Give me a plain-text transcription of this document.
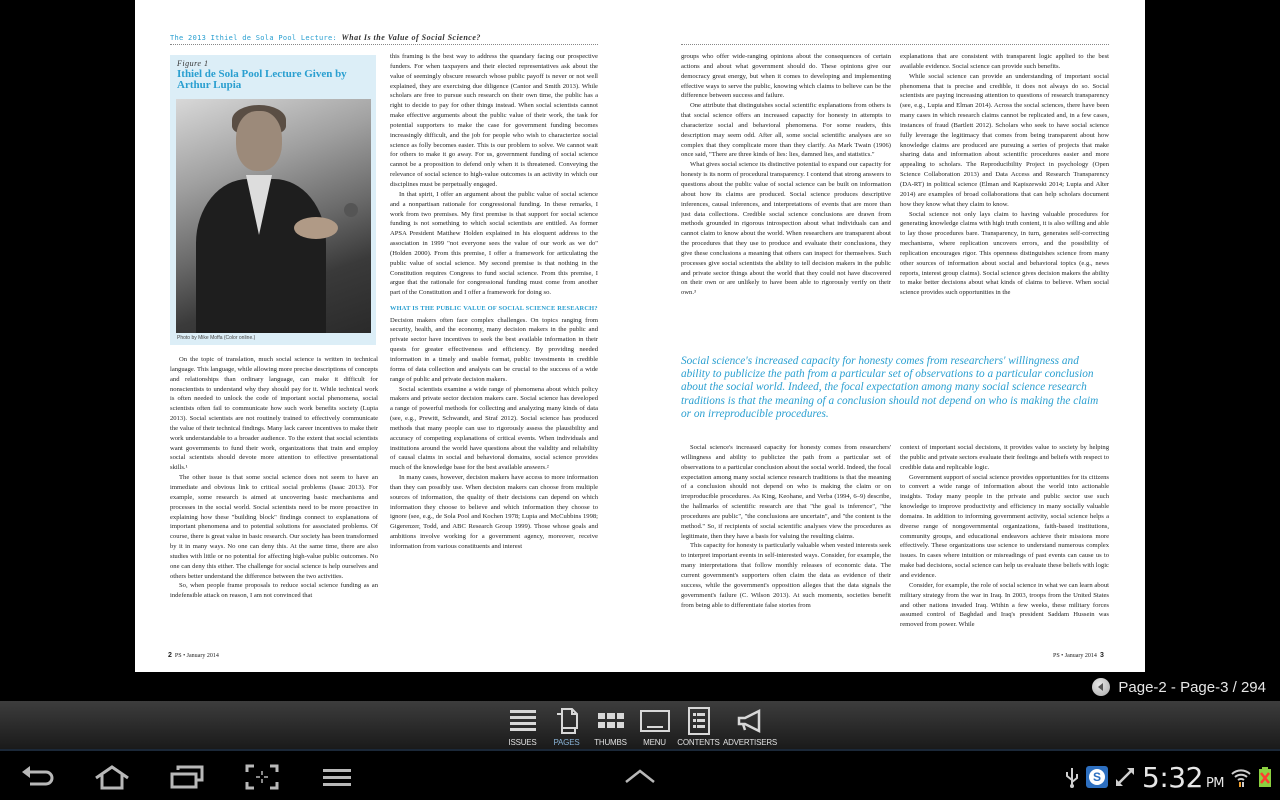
The 2013 Ithiel de Sola Pool Lecture: What Is the Value of Social Science?
Figure 1
Ithiel de Sola Pool Lecture Given by Arthur Lupia
Photo by Mike Moffa (Color online.)

On the topic of translation, much social science is written in technical language. This language, while allowing more precise descriptions of concepts and relationships than ordinary language, can make it difficult for nonscientists to understand why they should pay for it. While technical work is often needed to unlock the code of important social phenomena, social scientists often fail to communicate how such work benefits society (Lupia 2013). Social scientists are not routinely trained to effectively communicate the value of their technical findings. Many lack career incentives to make their work understandable to a broader audience. To the extent that social scientists want governments to fund their work, organizations that train and employ social scientists should devote more attention to effective presentational skills.¹

The other issue is that some social science does not seem to have an immediate and obvious link to critical social problems (Isaac 2013). For example, some research is aimed at uncovering basic mechanisms and processes in the social world. Social scientists need to be more proactive in explaining how these "building block" findings connect to explanations of important phenomena and to potential solutions for associated problems. Of course, there is great value in basic research. Our society has been transformed by it in many ways. No one can deny this. At the same time, there are also studies with little or no potential for affecting high-value public outcomes. No one can deny this either. The challenge for social science is help ourselves and others better understand the difference between the two activities.

So, when people frame proposals to reduce social science funding as an indefensible attack on reason, I am not convinced that

this framing is the best way to address the quandary facing our prospective funders. For when taxpayers and their elected representatives ask about the value of seemingly obscure research whose public payoff is never or not well explained, they are exercising due diligence (Cantor and Smith 2013). While scholars are free to pursue such research on their own time, the public has a right to decide to pay for other things instead. When social scientists cannot make effective arguments about the public value of their work, the task for potential supporters to make the case for government funding becomes increasingly difficult, and the job for people who wish to characterize social science as folly becomes easier. This is our problem to solve. We cannot wait for others to make it go away. For us, government funding of social science cannot be a proposition to defend only when it is threatened. Conveying the relevance of social science to high-value outcomes is an activity in which our disciplines must be perpetually engaged.

In that spirit, I offer an argument about the public value of social science and a nonpartisan rationale for congressional funding. In these remarks, I work from two premises. My first premise is that support for social science funding is not something to which social scientists are entitled. As former APSA President Matthew Holden explained in his eloquent address to the association in 1999 "not everyone sees the value of our work as we do" (Holden 2000). From this premise, I offer a framework for articulating the public value of social science. My second premise is that nothing in the Constitution requires Congress to fund social science. From this premise, I argue that the rationale for congressional funding must come from another part of the Constitution and I offer a framework for doing so.

WHAT IS THE PUBLIC VALUE OF SOCIAL SCIENCE RESEARCH?

Decision makers often face complex challenges. On topics ranging from security, health, and the economy, many decision makers in the public and private sector have incentives to seek the best available information in their quests for greater effectiveness and efficiency. By providing needed information in a timely and usable format, public investments in credible forms of data collection and analysis can be crucial to the success of a wide range of public and private decision makers.

Social scientists examine a wide range of phenomena about which policy makers and private sector decision makers care. Social science has developed a range of powerful methods for collecting and analyzing many kinds of data (see, e.g., Prewitt, Schwandt, and Straf 2012). Social science has produced methods that many people can use to rigorously assess the plausibility and accuracy of competing explanations of critical events. When individuals and institutions around the world have questions about the validity and reliability of causal claims in social and behavioral domains, social science provides much of the knowledge base for the best available answers.²

In many cases, however, decision makers have access to more information than they can possibly use. When decision makers can choose from multiple sources of information, the quality of their decisions can depend on which information they choose to believe and which information they choose to ignore (see, e.g., de Sola Pool and Kochen 1978; Lupia and McCubbins 1998; Gigerenzer, Todd, and ABC Research Group 1999). Those whose goals and ambitions involve working for a government agency, moreover, receive information from various constituents and interest

2 PS • January 2014

groups who offer wide-ranging opinions about the consequences of certain actions and about what government should do. These opinions give our democracy great energy, but when it comes to developing and implementing effective ways to serve the public, knowing which claims to believe can be the difference between success and failure.

One attribute that distinguishes social scientific explanations from others is that social science offers an increased capacity for honesty in attempts to characterize social and behavioral phenomena. For some readers, this description may seem odd. After all, some social scientific analyses are so complex that they complicate more than they clarify. As Mark Twain (1906) once said, "There are three kinds of lies: lies, damned lies, and statistics."

What gives social science its distinctive potential to expand our capacity for honesty is its norm of procedural transparency. I contend that strong answers to questions about the public value of social science can be built on information about how its claims are produced. Social science produces descriptive inferences, causal inferences, and interpretations of events that are more than just data collections. Credible social science conclusions are drawn from methods grounded in rigorous introspection about what individuals can and cannot claim to know about the world. When researchers are transparent about the procedures that they use to produce and evaluate their conclusions, they give these conclusions a meaning that others can inspect for themselves. Such processes give social scientists the ability to tell decision makers in the public and private sector things about the world that they could not have discovered on their own or are unlikely to have been able to rigorously verify on their own.³

explanations that are consistent with transparent logic applied to the best available evidence. Social science can provide such benefits.

While social science can provide an understanding of important social phenomena that is precise and credible, it does not always do so. Social scientists are paying increasing attention to questions of research transparency (see, e.g., Lupia and Elman 2014). Across the social sciences, there have been many cases in which research claims cannot be replicated and, in a few cases, instances of fraud (Bartlett 2012). Scholars who seek to have social science fully leverage the legitimacy that comes from being transparent about how knowledge claims are produced are pursuing a series of projects that make sharing data and information about scientific procedures easier and more appealing to scholars. The Reproducibility Project in psychology (Open Science Collaboration 2013) and Data Access and Research Transparency (DA-RT) in political science (Elman and Kapiszewski 2014; Lupia and Alter 2014) are examples of broad collaborations that can help scholars document how they know what they claim to know.

Social science not only lays claim to having valuable procedures for generating knowledge claims with high truth content, it is also willing and able to lay those procedures bare. Transparency, in turn, generates self-correcting mechanisms, where replication uncovers errors, and the possibility of replication encourages rigor. This openness distinguishes science from many other sources of information about social and behavioral topics (e.g., news reports, interest group claims). Social science gives decision makers the ability to make better decisions about what kinds of claims to believe. When social science provides such opportunities in the

Social science's increased capacity for honesty comes from researchers' willingness and ability to publicize the path from a particular set of observations to a particular conclusion about the social world. Indeed, the focal expectation among many social science research traditions is that the meaning of a conclusion should not depend on who is making the claim or on irreproducible procedures. As King, Keohane, and Verba (1994, 6–9) describe, the hallmarks of scientific research are that "the goal is inference", "the procedures are public", "the conclusions are uncertain", and "the content is the method." So, if recipients of social scientific analyses view the procedures as legitimate, then they have a basis for valuing the resulting claims.

This capacity for honesty is particularly valuable when vested interests seek to interpret important events in self-interested ways. Consider, for example, the many interpretations that follow monthly releases of economic data. The current government's supporters often claim the data as evidence of their success, while the government's opposition alleges that the data signals the government's failure (C. Wilson 2013). At such moments, societies benefit from being able to differentiate false stories from

context of important social decisions, it provides value to society by helping the public and private sectors evaluate their feelings and beliefs with respect to credible data and replicable logic.

Government support of social science provides opportunities for its citizens to convert a wide range of information about the world into actionable insights. Today many people in the private and public sector use such knowledge to improve productivity and efficiency in many socially valuable domains. In addition to informing government activity, social science helps a diverse range of nongovernmental organizations, faith-based institutions, community groups, and educational endeavors achieve their missions more effectively. These organizations use science to understand numerous complex issues. In cases where intuition or misreadings of past events can cause us to make bad decisions, social science can help us evaluate these beliefs with logic and evidence.

Consider, for example, the role of social science in what we can learn about military strategy from the war in Iraq. In 2003, troops from the United States and other nations invaded Iraq. Within a few weeks, these military forces assumed control of Baghdad and Iraq's president Saddam Hussein was removed from power. While

PS • January 2014 3
Social science's increased capacity for honesty comes from researchers' willingness and ability to publicize the path from a particular set of observations to a particular conclusion about the social world. Indeed, the focal expectation among many social science research traditions is that the meaning of a conclusion should not depend on who is making the claim or on irreproducible procedures.
Page-2 - Page-3 / 294
ISSUES PAGES THUMBS MENU CONTENTS ADVERTISERS
S 5:32 PM
